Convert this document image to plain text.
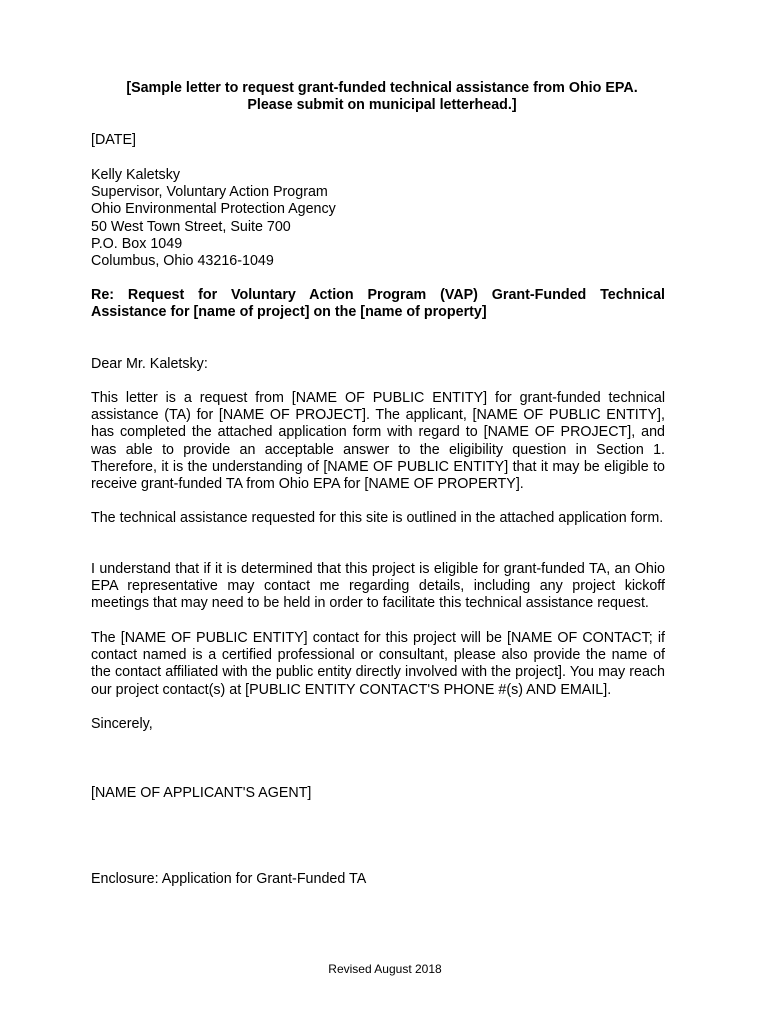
[Sample letter to request grant-funded technical assistance from Ohio EPA.
Please submit on municipal letterhead.]
[DATE]
Kelly Kaletsky
Supervisor, Voluntary Action Program
Ohio Environmental Protection Agency
50 West Town Street, Suite 700
P.O. Box 1049
Columbus, Ohio 43216-1049
Re: Request for Voluntary Action Program (VAP) Grant-Funded Technical Assistance for [name of project] on the [name of property]
Dear Mr. Kaletsky:
This letter is a request from [NAME OF PUBLIC ENTITY] for grant-funded technical assistance (TA) for [NAME OF PROJECT]. The applicant, [NAME OF PUBLIC ENTITY], has completed the attached application form with regard to [NAME OF PROJECT], and was able to provide an acceptable answer to the eligibility question in Section 1. Therefore, it is the understanding of [NAME OF PUBLIC ENTITY] that it may be eligible to receive grant-funded TA from Ohio EPA for [NAME OF PROPERTY].
The technical assistance requested for this site is outlined in the attached application form.
I understand that if it is determined that this project is eligible for grant-funded TA, an Ohio EPA representative may contact me regarding details, including any project kickoff meetings that may need to be held in order to facilitate this technical assistance request.
The [NAME OF PUBLIC ENTITY] contact for this project will be [NAME OF CONTACT; if contact named is a certified professional or consultant, please also provide the name of the contact affiliated with the public entity directly involved with the project]. You may reach our project contact(s) at [PUBLIC ENTITY CONTACT'S PHONE #(s) AND EMAIL].
Sincerely,
[NAME OF APPLICANT'S AGENT]
Enclosure: Application for Grant-Funded TA
Revised August 2018
